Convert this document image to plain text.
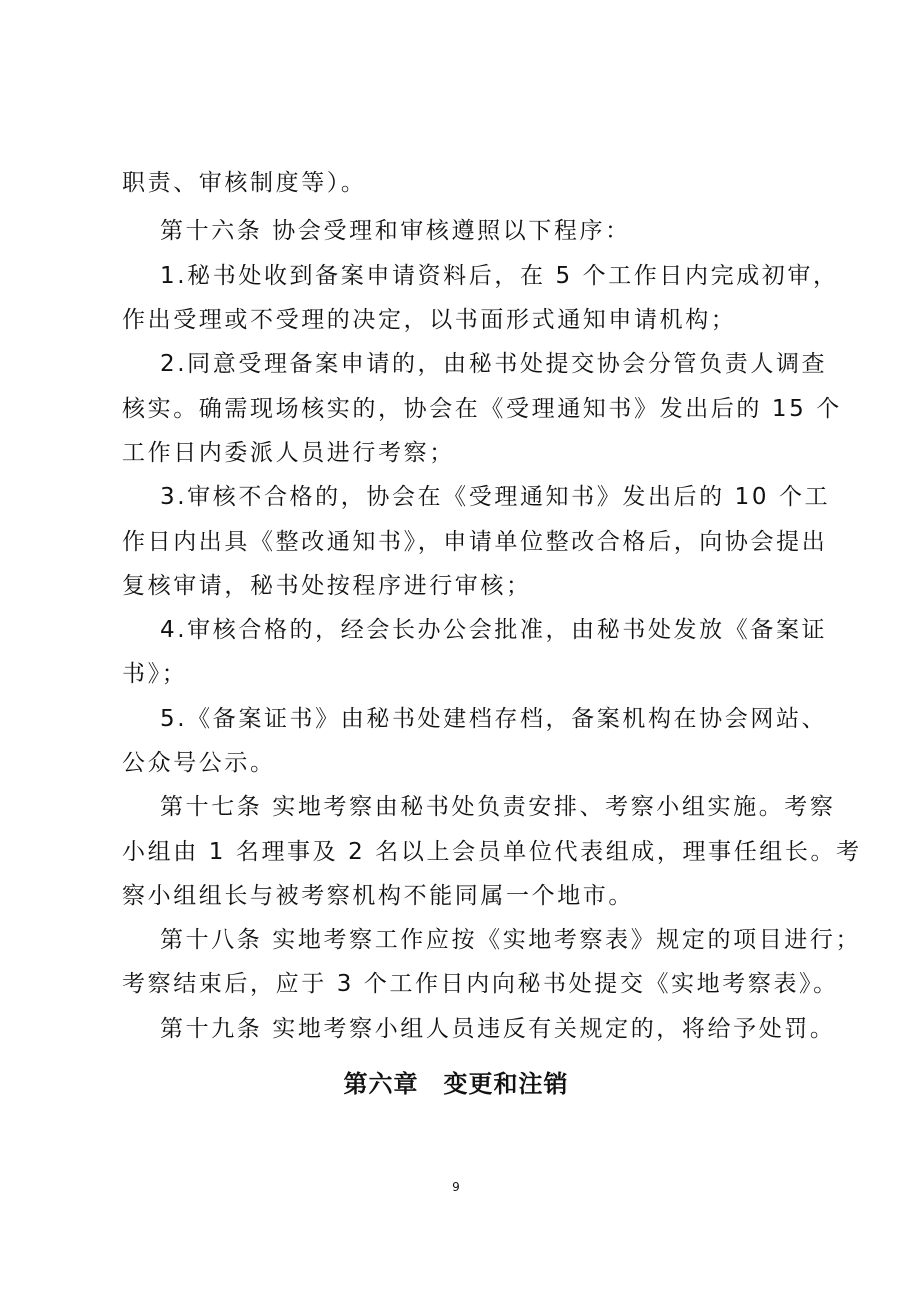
职责、审核制度等）。
第十六条 协会受理和审核遵照以下程序：
1.秘书处收到备案申请资料后，在 5 个工作日内完成初审，
作出受理或不受理的决定，以书面形式通知申请机构；
2.同意受理备案申请的，由秘书处提交协会分管负责人调查
核实。确需现场核实的，协会在《受理通知书》发出后的 15 个
工作日内委派人员进行考察；
3.审核不合格的，协会在《受理通知书》发出后的 10 个工
作日内出具《整改通知书》，申请单位整改合格后，向协会提出
复核审请，秘书处按程序进行审核；
4.审核合格的，经会长办公会批准，由秘书处发放《备案证
书》；
5.《备案证书》由秘书处建档存档，备案机构在协会网站、
公众号公示。
第十七条 实地考察由秘书处负责安排、考察小组实施。考察
小组由 1 名理事及 2 名以上会员单位代表组成，理事任组长。考
察小组组长与被考察机构不能同属一个地市。
第十八条 实地考察工作应按《实地考察表》规定的项目进行；
考察结束后，应于 3 个工作日内向秘书处提交《实地考察表》。
第十九条 实地考察小组人员违反有关规定的，将给予处罚。
第六章　变更和注销
9
